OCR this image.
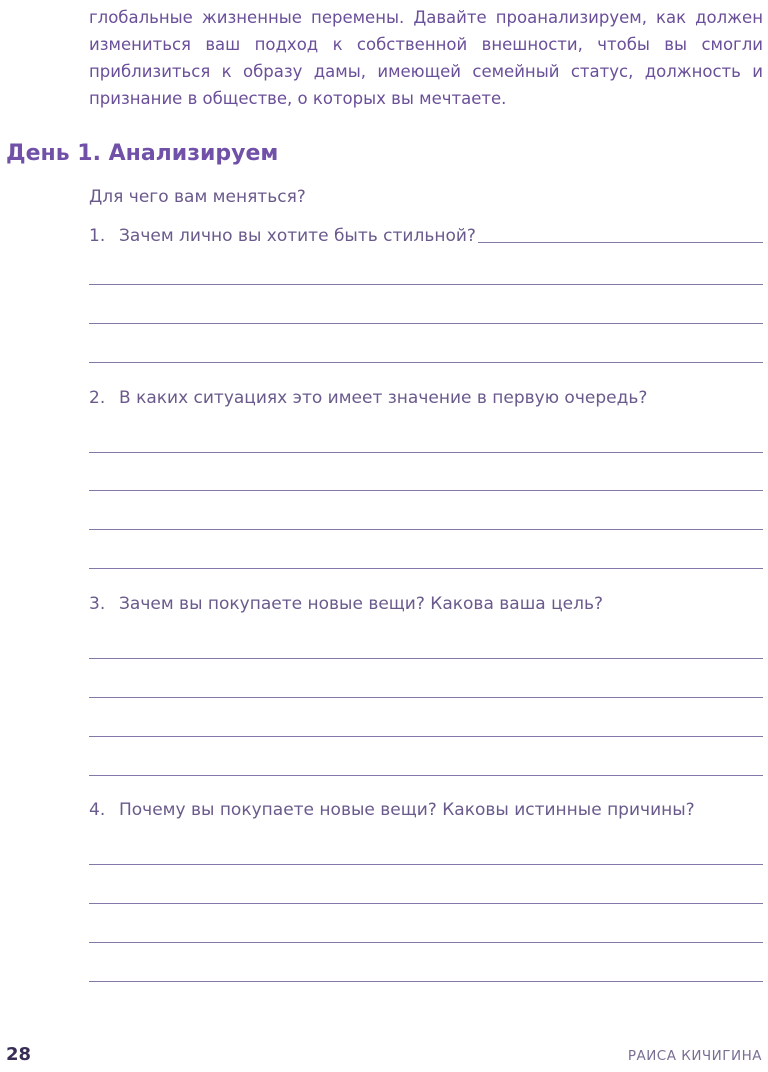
глобальные жизненные перемены. Давайте проанализируем, как должен измениться ваш подход к собственной внешности, чтобы вы смогли приблизиться к образу дамы, имеющей семейный статус, должность и признание в обществе, о которых вы мечтаете.

День 1. Анализируем

Для чего вам меняться?

1. Зачем лично вы хотите быть стильной?
2. В каких ситуациях это имеет значение в первую очередь?
3. Зачем вы покупаете новые вещи? Какова ваша цель?
4. Почему вы покупаете новые вещи? Каковы истинные причины?
28	РАИСА КИЧИГИНА
